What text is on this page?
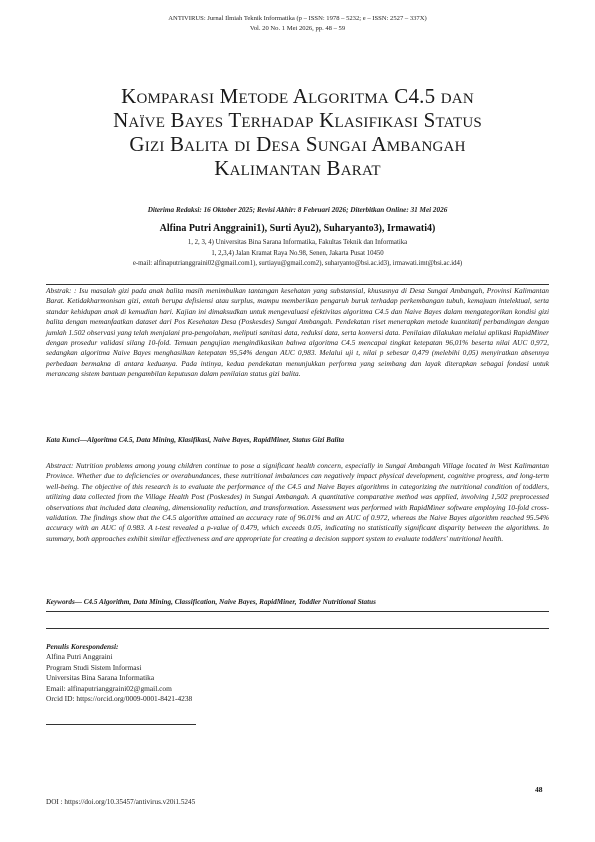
ANTIVIRUS: Jurnal Ilmiah Teknik Informatika (p – ISSN: 1978 – 5232; e – ISSN: 2527 – 337X)
Vol. 20 No. 1 Mei 2026, pp. 48 – 59
Komparasi Metode Algoritma C4.5 dan
Naïve Bayes Terhadap Klasifikasi Status
Gizi Balita di Desa Sungai Ambangah
Kalimantan Barat
Diterima Redaksi: 16 Oktober 2025; Revisi Akhir: 8 Februari 2026; Diterbitkan Online: 31 Mei 2026
Alfina Putri Anggraini1), Surti Ayu2), Suharyanto3), Irmawati4)
1, 2, 3, 4) Universitas Bina Sarana Informatika, Fakultas Teknik dan Informatika
1, 2,3,4) Jalan Kramat Raya No.98, Senen, Jakarta Pusat 10450
e-mail: alfinaputrianggraini02@gmail.com1), surtiayu@gmail.com2), suharyanto@bsi.ac.id3), irmawati.imt@bsi.ac.id4)
Abstrak: : Isu masalah gizi pada anak balita masih menimbulkan tantangan kesehatan yang substansial, khususnya di Desa Sungai Ambangah, Provinsi Kalimantan Barat. Ketidakharmonisan gizi, entah berupa defisiensi atau surplus, mampu memberikan pengaruh buruk terhadap perkembangan tubuh, kemajuan intelektual, serta standar kehidupan anak di kemudian hari. Kajian ini dimaksudkan untuk mengevaluasi efektivitas algoritma C4.5 dan Naive Bayes dalam mengategorikan kondisi gizi balita dengan memanfaatkan dataset dari Pos Kesehatan Desa (Poskesdes) Sungai Ambangah. Pendekatan riset menerapkan metode kuantitatif perbandingan dengan jumlah 1.502 observasi yang telah menjalani pra-pengolahan, meliputi sanitasi data, reduksi data, serta konversi data. Penilaian dilakukan melalui aplikasi RapidMiner dengan prosedur validasi silang 10-fold. Temuan pengujian mengindikasikan bahwa algoritma C4.5 mencapai tingkat ketepatan 96,01% beserta nilai AUC 0,972, sedangkan algoritma Naive Bayes menghasilkan ketepatan 95,54% dengan AUC 0,983. Melalui uji t, nilai p sebesar 0,479 (melebihi 0,05) menyiratkan absennya perbedaan bermakna di antara keduanya. Pada intinya, kedua pendekatan menunjukkan performa yang seimbang dan layak diterapkan sebagai fondasi untuk merancang sistem bantuan pengambilan keputusan dalam penilaian status gizi balita.
Kata Kunci—Algoritma C4.5, Data Mining, Klasifikasi, Naive Bayes, RapidMiner, Status Gizi Balita
Abstract: Nutrition problems among young children continue to pose a significant health concern, especially in Sungai Ambangah Village located in West Kalimantan Province. Whether due to deficiencies or overabundances, these nutritional imbalances can negatively impact physical development, cognitive progress, and long-term well-being. The objective of this research is to evaluate the performance of the C4.5 and Naive Bayes algorithms in categorizing the nutritional condition of toddlers, utilizing data collected from the Village Health Post (Poskesdes) in Sungai Ambangah. A quantitative comparative method was applied, involving 1,502 preprocessed observations that included data cleaning, dimensionality reduction, and transformation. Assessment was performed with RapidMiner software employing 10-fold cross-validation. The findings show that the C4.5 algorithm attained an accuracy rate of 96.01% and an AUC of 0.972, whereas the Naive Bayes algorithm reached 95.54% accuracy with an AUC of 0.983. A t-test revealed a p-value of 0.479, which exceeds 0.05, indicating no statistically significant disparity between the algorithms. In summary, both approaches exhibit similar effectiveness and are appropriate for creating a decision support system to evaluate toddlers' nutritional health.
Keywords— C4.5 Algorithm, Data Mining, Classification, Naive Bayes, RapidMiner, Toddler Nutritional Status
Penulis Korespondensi:
Alfina Putri Anggraini
Program Studi Sistem Informasi
Universitas Bina Sarana Informatika
Email: alfinaputrianggraini02@gmail.com
Orcid ID: https://orcid.org/0009-0001-8421-4238
48
DOI : https://doi.org/10.35457/antivirus.v20i1.5245
